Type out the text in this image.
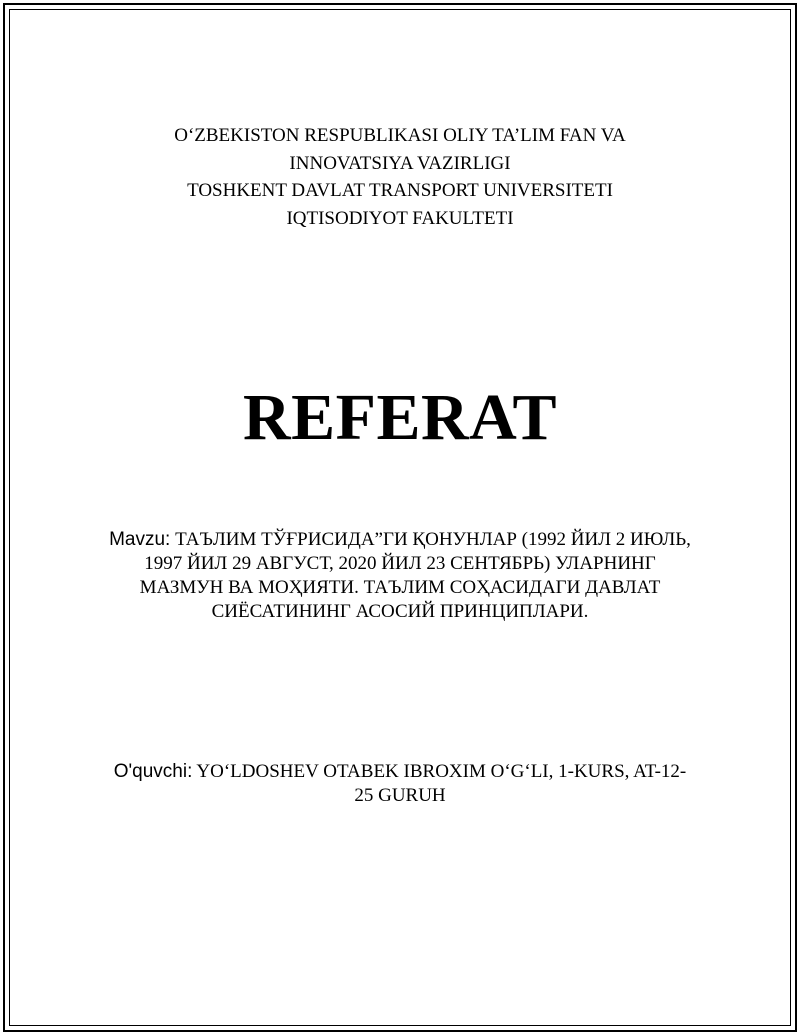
O‘ZBEKISTON RESPUBLIKASI OLIY TA’LIM FAN VA
INNOVATSIYA VAZIRLIGI
TOSHKENT DAVLAT TRANSPORT UNIVERSITETI
IQTISODIYOT FAKULTETI
REFERAT
Mavzu: ТАЪЛИМ ТЎҒРИСИДА”ГИ ҚОНУНЛАР (1992 ЙИЛ 2 ИЮЛЬ,
1997 ЙИЛ 29 АВГУСТ, 2020 ЙИЛ 23 СЕНТЯБРЬ) УЛАРНИНГ
МАЗМУН ВА МОҲИЯТИ. ТАЪЛИМ СОҲАСИДАГИ ДАВЛАТ
СИЁСАТИНИНГ АСОСИЙ ПРИНЦИПЛАРИ.
O'quvchi: YO‘LDOSHEV OTABEK IBROXIM O‘G‘LI, 1-KURS, AT-12-
25 GURUH
